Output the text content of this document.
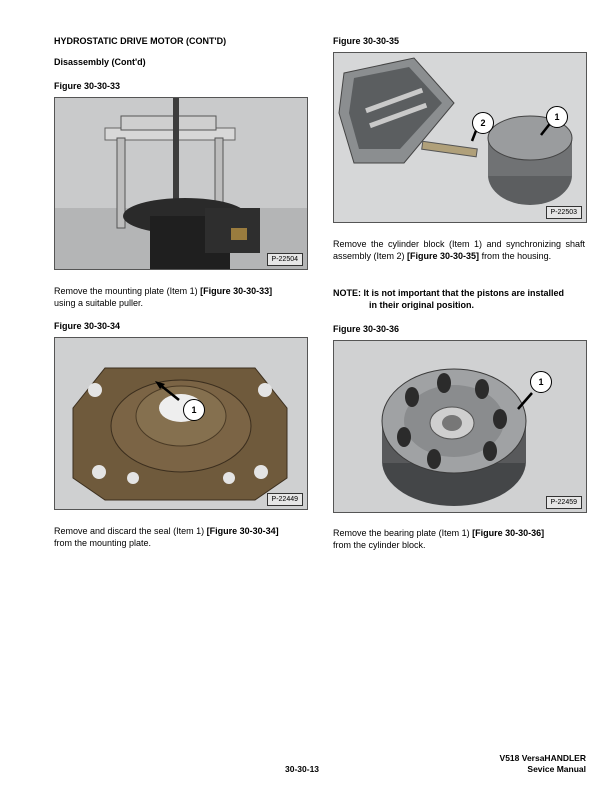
HYDROSTATIC DRIVE MOTOR (CONT'D)
Disassembly (Cont'd)
Figure 30-30-33
P-22504
Remove the mounting plate (Item 1) [Figure 30-30-33]
using a suitable puller.
Figure 30-30-34
1
P-22449
Remove and discard the seal (Item 1) [Figure 30-30-34]
from the mounting plate.
Figure 30-30-35
2
1
P-22503
Remove the cylinder block (Item 1) and synchronizing shaft assembly (Item 2) [Figure 30-30-35] from the housing.
NOTE: It is not important that the pistons are installed
in their original position.
Figure 30-30-36
1
P-22459
Remove the bearing plate (Item 1) [Figure 30-30-36]
from the cylinder block.
30-30-13
V518 VersaHANDLER
Sevice Manual
